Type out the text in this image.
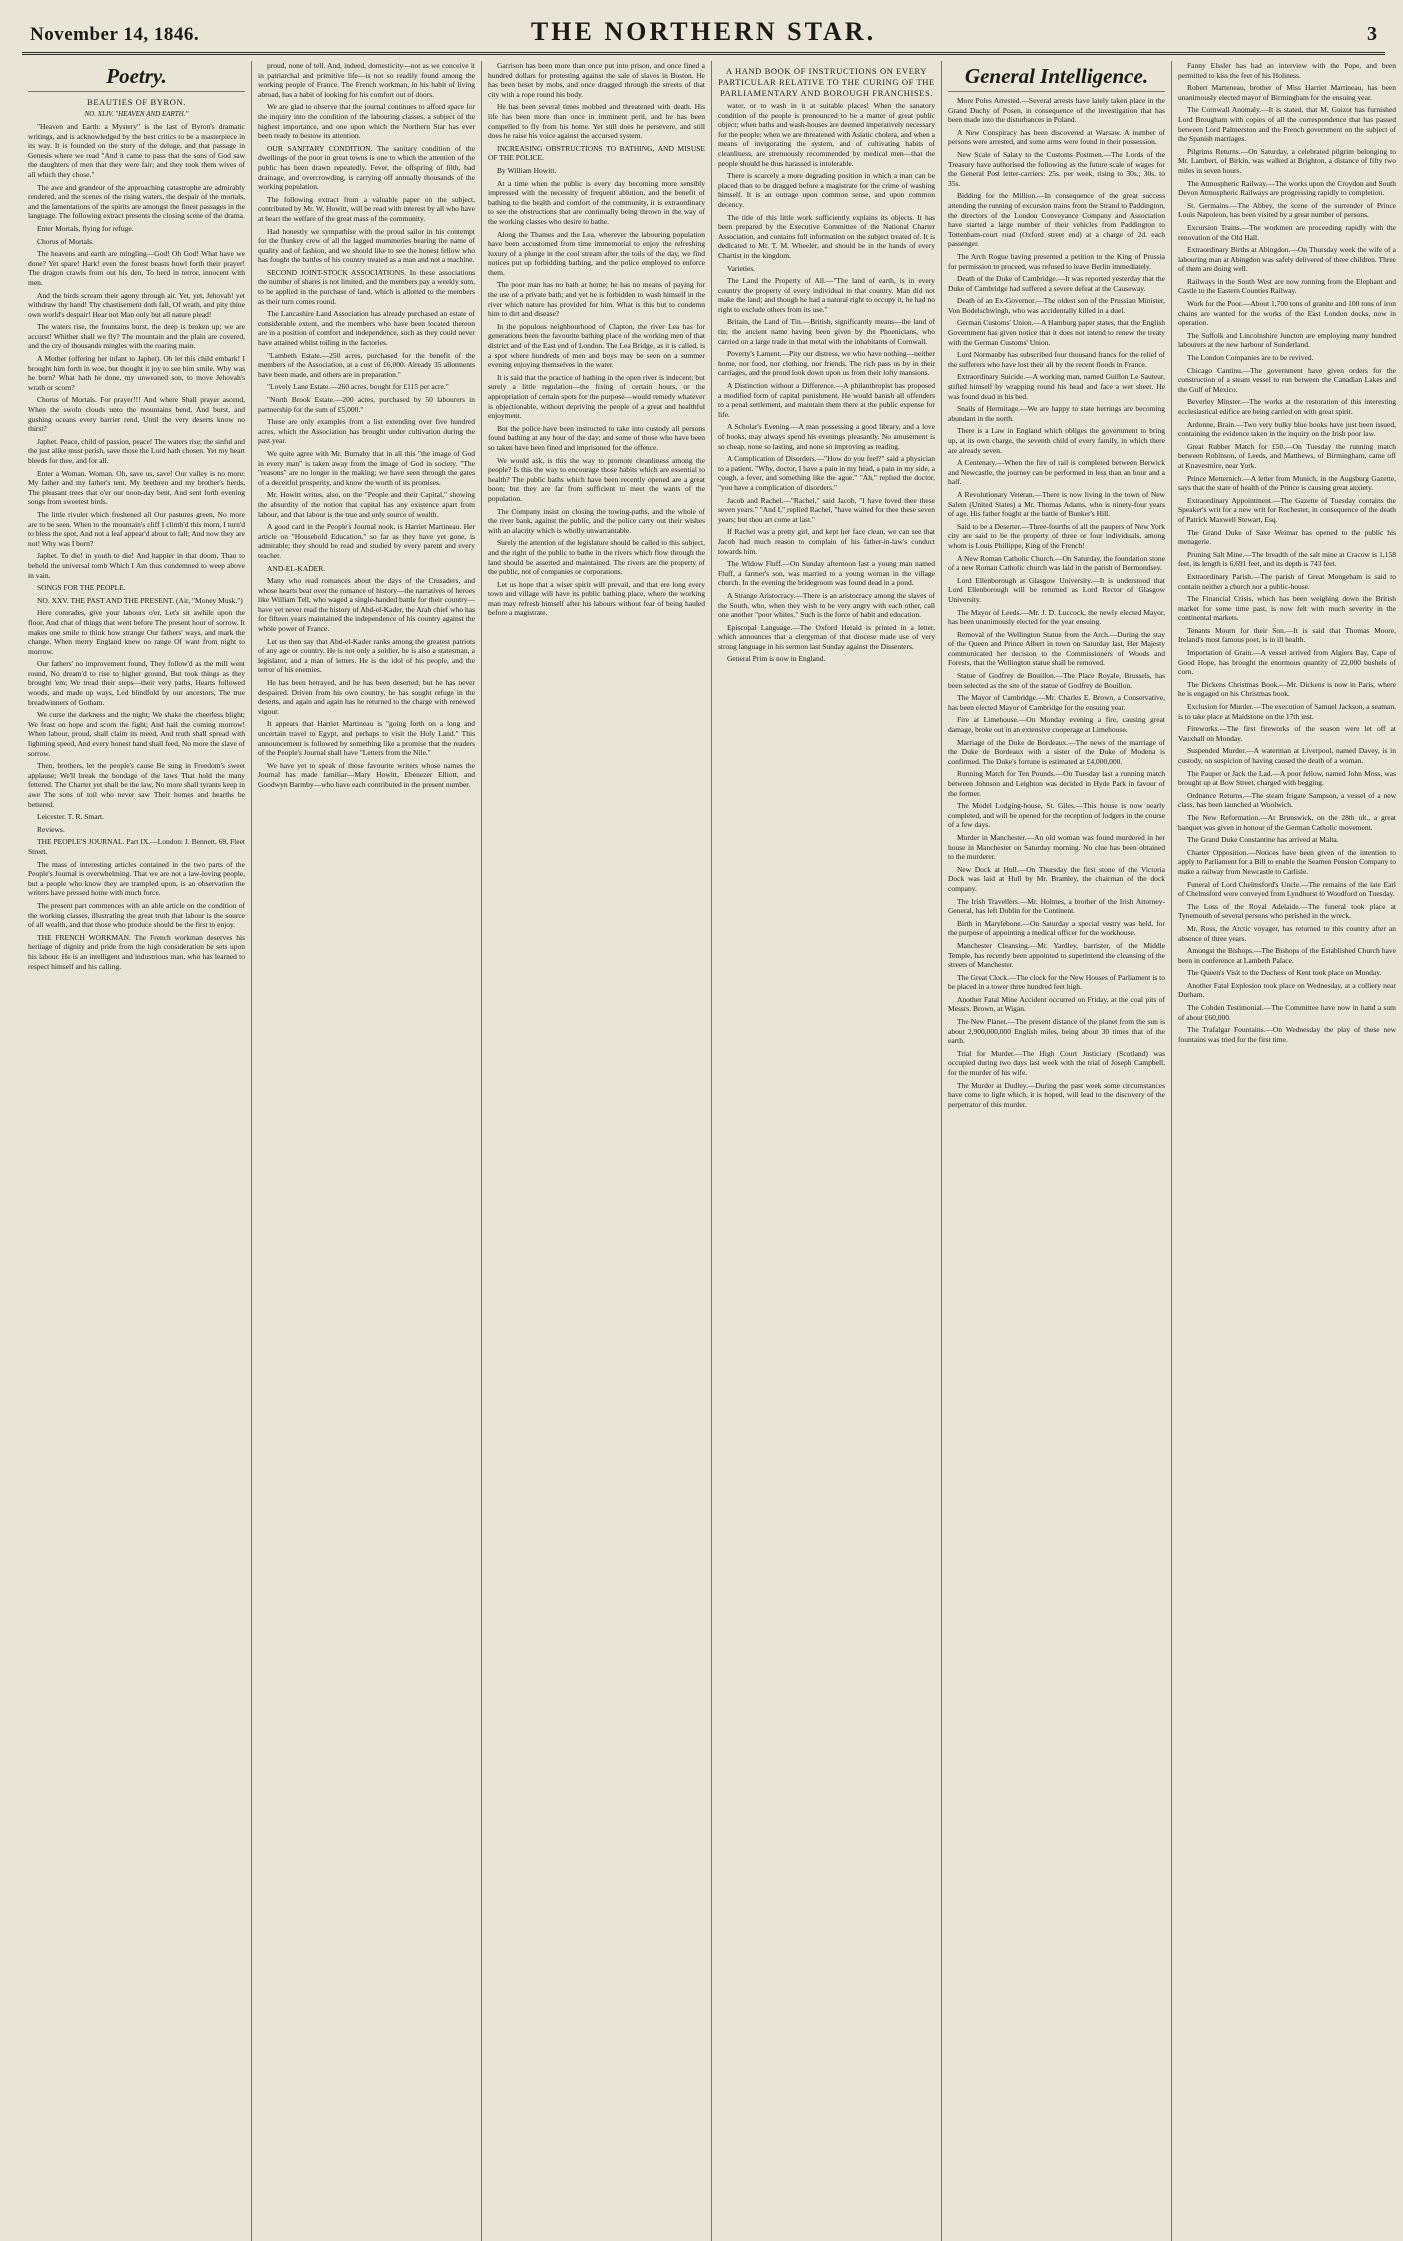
November 14, 1846.	THE NORTHERN STAR.	3
Poetry.
BEAUTIES OF BYRON.
NO. XLIV. "HEAVEN AND EARTH."

"Heaven and Earth: a Mystery" is the last of Byron's dramatic writings, and is acknowledged by the best critics to be a masterpiece in its way. It is founded on the story of the deluge, and that passage in Genesis where we read "And it came to pass that the sons of God saw the daughters of men that they were fair; and they took them wives of all which they chose."

The awe and grandeur of the approaching catastrophe are admirably rendered, and the scenes of the rising waters, the despair of the mortals, and the lamentations of the spirits are amongst the finest passages in the language. The following extract presents the closing scene of the drama.

Enter Mortals, flying for refuge.

Chorus of Mortals.

The heavens and earth are mingling—God! Oh God! What have we done? Yet spare! Hark! even the forest beasts howl forth their prayer! The dragon crawls from out his den, To herd in terror, innocent with men.

And the birds scream their agony through air. Yet, yet, Jehovah! yet withdraw thy hand! Thy chastisement doth fall, Of wrath, and pity thine own world's despair! Hear not Man only but all nature plead!

The waters rise, the fountains burst, the deep is broken up; we are accurst! Whither shall we fly? The mountain and the plain are covered, and the cry of thousands mingles with the roaring main.

A Mother (offering her infant to Japhet). Oh let this child embark! I brought him forth in woe, but thought it joy to see him smile. Why was he born? What hath he done, my unweaned son, to move Jehovah's wrath or scorn?

Chorus of Mortals. For prayer!!! And where Shall prayer ascend, When the swoln clouds unto the mountains bend, And burst, and gushing oceans every barrier rend, Until the very deserts know no thirst?

Japhet. Peace, child of passion, peace! The waters rise; the sinful and the just alike must perish, save those the Lord hath chosen. Yet my heart bleeds for thee, and for all.

Enter a Woman. Woman. Oh, save us, save! Our valley is no more: My father and my father's tent, My brethren and my brother's herds, The pleasant trees that o'er our noon-day bent, And sent forth evening songs from sweetest birds.

The little rivulet which freshened all Our pastures green, No more are to be seen. When to the mountain's cliff I climb'd this morn, I turn'd to bless the spot, And not a leaf appear'd about to fall; And now they are not! Why was I born?

Japhet. To die! in youth to die! And happier in that doom, Than to behold the universal tomb Which I Am thus condemned to weep above in vain.

SONGS FOR THE PEOPLE.

NO. XXV. THE PAST AND THE PRESENT. (Air, "Money Musk.")

Here comrades, give your labours o'er, Let's sit awhile upon the floor, And chat of things that went before The present hour of sorrow. It makes one smile to think how strange Our fathers' ways, and mark the change, When merry England knew no range Of want from night to morrow.

Our fathers' no improvement found, They follow'd as the mill went round, No dream'd to rise to higher ground, But took things as they brought 'em; We tread their steps—their very paths, Hearts followed woods, and made up ways, Led blindfold by our ancestors, The true breadwinners of Gotham.

We curse the darkness and the night; We shake the cheerless blight; We feast on hope and scorn the fight; And hail the coming morrow! When labour, proud, shall claim its meed, And truth shall spread with lightning speed, And every honest hand shall feed, No more the slave of sorrow.

Then, brothers, let the people's cause Be sung in Freedom's sweet applause; We'll break the bondage of the laws That hold the many fettered. The Charter yet shall be the law, No more shall tyrants keep in awe The sons of toil who never saw Their homes and hearths be bettered.

Leicester. T. R. Smart.

Reviews.

THE PEOPLE'S JOURNAL. Part IX.—London: J. Bennett, 69, Fleet Street.

The mass of interesting articles contained in the two parts of the People's Journal is overwhelming. That we are not a law-loving people, but a people who know they are trampled upon, is an observation the writers have pressed home with much force.

The present part commences with an able article on the condition of the working classes, illustrating the great truth that labour is the source of all wealth, and that those who produce should be the first to enjoy.

THE FRENCH WORKMAN. The French workman deserves his heritage of dignity and pride from the high consideration he sets upon his labour. He is an intelligent and industrious man, who has learned to respect himself and his calling.

proud, none of tell. And, indeed, domesticity—not as we conceive it in patriarchal and primitive life—is not so readily found among the working people of France. The French workman, in his habit of living abroad, has a habit of looking for his comfort out of doors.

We are glad to observe that the journal continues to afford space for the inquiry into the condition of the labouring classes, a subject of the highest importance, and one upon which the Northern Star has ever been ready to bestow its attention.

OUR SANITARY CONDITION. The sanitary condition of the dwellings of the poor in great towns is one to which the attention of the public has been drawn repeatedly. Fever, the offspring of filth, bad drainage, and overcrowding, is carrying off annually thousands of the working population.

The following extract from a valuable paper on the subject, contributed by Mr. W. Howitt, will be read with interest by all who have at heart the welfare of the great mass of the community.

Had honestly we sympathise with the proud sailor in his contempt for the flunkey crew of all the lagged mummeries bearing the name of quality and of fashion, and we should like to see the honest fellow who has fought the battles of his country treated as a man and not a machine.

SECOND JOINT-STOCK ASSOCIATIONS. In these associations the number of shares is not limited, and the members pay a weekly sum, to be applied in the purchase of land, which is allotted to the members as their turn comes round.

The Lancashire Land Association has already purchased an estate of considerable extent, and the members who have been located thereon are in a position of comfort and independence, such as they could never have attained whilst toiling in the factories.

"Lambeth Estate.—250 acres, purchased for the benefit of the members of the Association, at a cost of £6,000. Already 35 allotments have been made, and others are in preparation."

"Lovely Lane Estate.—260 acres, bought for £115 per acre."

"North Brook Estate.—200 acres, purchased by 50 labourers in partnership for the sum of £5,000."

These are only examples from a list extending over five hundred acres, which the Association has brought under cultivation during the past year.

We quite agree with Mr. Burnaby that in all this "the image of God in every man" is taken away from the image of God in society. "The "reasons" are no longer in the making; we have seen through the gates of a deceitful prosperity, and know the worth of its promises.

Mr. Howitt writes, also, on the "People and their Capital," showing the absurdity of the notion that capital has any existence apart from labour, and that labour is the true and only source of wealth.

A good card in the People's Journal nook, is Harriet Martineau. Her article on "Household Education," so far as they have yet gone, is admirable; they should be read and studied by every parent and every teacher.

AND-EL-KADER.

Many who read romances about the days of the Crusaders, and whose hearts beat over the romance of history—the narratives of heroes like William Tell, who waged a single-handed battle for their country—have yet never read the history of Abd-el-Kader, the Arab chief who has for fifteen years maintained the independence of his country against the whole power of France.

Let us then say that Abd-el-Kader ranks among the greatest patriots of any age or country. He is not only a soldier, he is also a statesman, a legislator, and a man of letters. He is the idol of his people, and the terror of his enemies.

He has been betrayed, and he has been deserted; but he has never despaired. Driven from his own country, he has sought refuge in the deserts, and again and again has he returned to the charge with renewed vigour.

It appears that Harriet Martineau is "going forth on a long and uncertain travel to Egypt, and perhaps to visit the Holy Land." This announcement is followed by something like a promise that the readers of the People's Journal shall have "Letters from the Nile."

We have yet to speak of those favourite writers whose names the Journal has made familiar—Mary Howitt, Ebenezer Elliott, and Goodwyn Barmby—who have each contributed in the present number.

Garrison has been more than once put into prison, and once fined a hundred dollars for protesting against the sale of slaves in Boston. He has been beset by mobs, and once dragged through the streets of that city with a rope round his body.

He has been several times mobbed and threatened with death. His life has been more than once in imminent peril, and he has been compelled to fly from his home. Yet still does he persevere, and still does he raise his voice against the accursed system.

INCREASING OBSTRUCTIONS TO BATHING, AND MISUSE OF THE POLICE.

By William Howitt.

At a time when the public is every day becoming more sensibly impressed with the necessity of frequent ablution, and the benefit of bathing to the health and comfort of the community, it is extraordinary to see the obstructions that are continually being thrown in the way of the working classes who desire to bathe.

Along the Thames and the Lea, wherever the labouring population have been accustomed from time immemorial to enjoy the refreshing luxury of a plunge in the cool stream after the toils of the day, we find notices put up forbidding bathing, and the police employed to enforce them.

The poor man has no bath at home; he has no means of paying for the use of a private bath; and yet he is forbidden to wash himself in the river which nature has provided for him. What is this but to condemn him to dirt and disease?

In the populous neighbourhood of Clapton, the river Lea has for generations been the favourite bathing place of the working men of that district and of the East end of London. The Lea Bridge, as it is called, is a spot where hundreds of men and boys may be seen on a summer evening enjoying themselves in the water.

It is said that the practice of bathing in the open river is indecent; but surely a little regulation—the fixing of certain hours, or the appropriation of certain spots for the purpose—would remedy whatever is objectionable, without depriving the people of a great and healthful enjoyment.

But the police have been instructed to take into custody all persons found bathing at any hour of the day; and some of those who have been so taken have been fined and imprisoned for the offence.

We would ask, is this the way to promote cleanliness among the people? Is this the way to encourage those habits which are essential to health? The public baths which have been recently opened are a great boon; but they are far from sufficient to meet the wants of the population.

The Company insist on closing the towing-paths, and the whole of the river bank, against the public, and the police carry out their wishes with an alacrity which is wholly unwarrantable.

Surely the attention of the legislature should be called to this subject, and the right of the public to bathe in the rivers which flow through the land should be asserted and maintained. The rivers are the property of the public, not of companies or corporations.

Let us hope that a wiser spirit will prevail, and that ere long every town and village will have its public bathing place, where the working man may refresh himself after his labours without fear of being hauled before a magistrate.

A HAND BOOK OF INSTRUCTIONS ON EVERY PARTICULAR RELATIVE TO THE CURING OF THE PARLIAMENTARY AND BOROUGH FRANCHISES.

water, or to wash in it at suitable places! When the sanatory condition of the people is pronounced to be a matter of great public object; when baths and wash-houses are deemed imperatively necessary for the people; when we are threatened with Asiatic cholera, and when a means of invigorating the system, and of cultivating habits of cleanliness, are strenuously recommended by medical men—that the people should be thus harassed is intolerable.

There is scarcely a more degrading position in which a man can be placed than to be dragged before a magistrate for the crime of washing himself. It is an outrage upon common sense, and upon common decency.

The title of this little work sufficiently explains its objects. It has been prepared by the Executive Committee of the National Charter Association, and contains full information on the subject treated of. It is dedicated to Mr. T. M. Wheeler, and should be in the hands of every Chartist in the kingdom.

Varieties.

The Land the Property of All.—"The land of earth, is in every country the property of every individual in that country. Man did not make the land; and though he had a natural right to occupy it, he had no right to exclude others from its use."

Britain, the Land of Tin.—British, significantly means—the land of tin; the ancient name having been given by the Phoenicians, who carried on a large trade in that metal with the inhabitants of Cornwall.

Poverty's Lament.—Pity our distress, we who have nothing—neither home, nor food, nor clothing, nor friends. The rich pass us by in their carriages, and the proud look down upon us from their lofty mansions.

A Distinction without a Difference.—A philanthropist has proposed a modified form of capital punishment. He would banish all offenders to a penal settlement, and maintain them there at the public expense for life.

A Scholar's Evening.—A man possessing a good library, and a love of books, may always spend his evenings pleasantly. No amusement is so cheap, none so lasting, and none so improving as reading.

A Complication of Disorders.—"How do you feel?" said a physician to a patient. "Why, doctor, I have a pain in my head, a pain in my side, a cough, a fever, and something like the ague." "Ah," replied the doctor, "you have a complication of disorders."

Jacob and Rachel.—"Rachel," said Jacob, "I have loved thee these seven years." "And I," replied Rachel, "have waited for thee these seven years; but thou art come at last."

If Rachel was a pretty girl, and kept her face clean, we can see that Jacob had much reason to complain of his father-in-law's conduct towards him.

The Widow Fluff.—On Sunday afternoon last a young man named Fluff, a farmer's son, was married to a young woman in the village church. In the evening the bridegroom was found dead in a pond.

A Strange Aristocracy.—There is an aristocracy among the slaves of the South, who, when they wish to be very angry with each other, call one another "poor whites." Such is the force of habit and education.

Episcopal Language.—The Oxford Herald is printed in a letter, which announces that a clergyman of that diocese made use of very strong language in his sermon last Sunday against the Dissenters.

General Prim is now in England.

General Intelligence.

More Poles Arrested.—Several arrests have lately taken place in the Grand Duchy of Posen, in consequence of the investigation that has been made into the disturbances in Poland.

A New Conspiracy has been discovered at Warsaw. A number of persons were arrested, and some arms were found in their possession.

New Scale of Salary to the Customs Postmen.—The Lords of the Treasury have authorised the following as the future scale of wages for the General Post letter-carriers: 25s. per week, rising to 30s.; 30s. to 35s.

Bidding for the Million.—In consequence of the great success attending the running of excursion trains from the Strand to Paddington, the directors of the London Conveyance Company and Association have started a large number of their vehicles from Paddington to Tottenham-court road (Oxford street end) at a charge of 2d. each passenger.

The Arch Rogue having presented a petition to the King of Prussia for permission to proceed, was refused to leave Berlin immediately.

Death of the Duke of Cambridge.—It was reported yesterday that the Duke of Cambridge had suffered a severe defeat at the Causeway.

Death of an Ex-Governor.—The oldest son of the Prussian Minister, Von Bodelschwingh, who was accidentally killed in a duel.

German Customs' Union.—A Hamburg paper states, that the English Government has given notice that it does not intend to renew the treaty with the German Customs' Union.

Lord Normanby has subscribed four thousand francs for the relief of the sufferers who have lost their all by the recent floods in France.

Extraordinary Suicide.—A working man, named Guillon Le Sauteur, stifled himself by wrapping round his head and face a wet sheet. He was found dead in his bed.

Snails of Hermitage.—We are happy to state herrings are becoming abundant in the north.

There is a Law in England which obliges the government to bring up, at its own charge, the seventh child of every family, in which there are already seven.

A Centenary.—When the fire of rail is completed between Berwick and Newcastle, the journey can be performed in less than an hour and a half.

A Revolutionary Veteran.—There is now living in the town of New Salem (United States) a Mr. Thomas Adams, who is ninety-four years of age. His father fought at the battle of Bunker's Hill.

Said to be a Deserter.—Three-fourths of all the paupers of New York city are said to be the property of three or four individuals, among whom is Louis Phillippe, King of the French!

A New Roman Catholic Church.—On Saturday, the foundation stone of a new Roman Catholic church was laid in the parish of Bermondsey.

Lord Ellenborough at Glasgow University.—It is understood that Lord Ellenborough will be returned as Lord Rector of Glasgow University.

The Mayor of Leeds.—Mr. J. D. Luccock, the newly elected Mayor, has been unanimously elected for the year ensuing.

Removal of the Wellington Statue from the Arch.—During the stay of the Queen and Prince Albert in town on Saturday last, Her Majesty communicated her decision to the Commissioners of Woods and Forests, that the Wellington statue shall be removed.

Statue of Godfrey de Bouillon.—The Place Royale, Brussels, has been selected as the site of the statue of Godfrey de Bouillon.

The Mayor of Cambridge.—Mr. Charles E. Brown, a Conservative, has been elected Mayor of Cambridge for the ensuing year.

Fire at Limehouse.—On Monday evening a fire, causing great damage, broke out in an extensive cooperage at Limehouse.

Marriage of the Duke de Bordeaux.—The news of the marriage of the Duke de Bordeaux with a sister of the Duke of Modena is confirmed. The Duke's fortune is estimated at £4,000,000.

Running Match for Ten Pounds.—On Tuesday last a running match between Johnson and Leighton was decided in Hyde Park in favour of the former.

The Model Lodging-house, St. Giles.—This house is now nearly completed, and will be opened for the reception of lodgers in the course of a few days.

Murder in Manchester.—An old woman was found murdered in her house in Manchester on Saturday morning. No clue has been obtained to the murderer.

New Dock at Hull.—On Thursday the first stone of the Victoria Dock was laid at Hull by Mr. Bramley, the chairman of the dock company.

The Irish Travellers.—Mr. Holmes, a brother of the Irish Attorney-General, has left Dublin for the Continent.

Birth in Marylebone.—On Saturday a special vestry was held, for the purpose of appointing a medical officer for the workhouse.

Manchester Cleansing.—Mr. Yardley, barrister, of the Middle Temple, has recently been appointed to superintend the cleansing of the streets of Manchester.

The Great Clock.—The clock for the New Houses of Parliament is to be placed in a tower three hundred feet high.

Another Fatal Mine Accident occurred on Friday, at the coal pits of Messrs. Brown, at Wigan.

The New Planet.—The present distance of the planet from the sun is about 2,900,000,000 English miles, being about 30 times that of the earth.

Trial for Murder.—The High Court Justiciary (Scotland) was occupied during two days last week with the trial of Joseph Campbell, for the murder of his wife.

The Murder at Dudley.—During the past week some circumstances have come to light which, it is hoped, will lead to the discovery of the perpetrator of this murder.

Fanny Elssler has had an interview with the Pope, and been permitted to kiss the feet of his Holiness.

Robert Marteneau, brother of Miss Harriet Martineau, has been unanimously elected mayor of Birmingham for the ensuing year.

The Cornwall Anomaly.—It is stated, that M. Guizot has furnished Lord Brougham with copies of all the correspondence that has passed between Lord Palmerston and the French government on the subject of the Spanish marriages.

Pilgrims Returns.—On Saturday, a celebrated pilgrim belonging to Mr. Lambert, of Birkin, was walked at Brighton, a distance of fifty two miles in seven hours.

The Atmospheric Railway.—The works upon the Croydon and South Devon Atmospheric Railways are progressing rapidly to completion.

St. Germains.—The Abbey, the scene of the surrender of Prince Louis Napoleon, has been visited by a great number of persons.

Excursion Trains.—The workmen are proceeding rapidly with the renovation of the Old Hall.

Extraordinary Births at Abingdon.—On Thursday week the wife of a labouring man at Abingdon was safely delivered of three children. Three of them are doing well.

Railways in the South West are now running from the Elephant and Castle to the Eastern Counties Railway.

Work for the Poor.—About 1,700 tons of granite and 100 tons of iron chains are wanted for the works of the East London docks, now in operation.

The Suffolk and Lincolnshire Juncton are employing many hundred labourers at the new harbour of Sunderland.

The London Companies are to be revived.

Chicago Cantinu.—The government have given orders for the construction of a steam vessel to run between the Canadian Lakes and the Gulf of Mexico.

Beverley Minster.—The works at the restoration of this interesting ecclesiastical edifice are being carried on with great spirit.

Ardonne, Brain.—Two very bulky blue books have just been issued, containing the evidence taken in the inquiry on the Irish poor law.

Great Rubber Match for £50.—On Tuesday the running match between Robinson, of Leeds, and Matthews, of Birmingham, came off at Knavesmire, near York.

Prince Metternich.—A letter from Munich, in the Augsburg Gazette, says that the state of health of the Prince is causing great anxiety.

Extraordinary Appointment.—The Gazette of Tuesday contains the Speaker's writ for a new writ for Rochester, in consequence of the death of Patrick Maxwell Stewart, Esq.

The Grand Duke of Saxe Weimar has opened to the public his menagerie.

Pruning Salt Mine.—The breadth of the salt mine at Cracow is 1,158 feet, its length is 6,691 feet, and its depth is 743 feet.

Extraordinary Parish.—The parish of Great Mongeham is said to contain neither a church nor a public-house.

The Financial Crisis, which has been weighing down the British market for some time past, is now felt with much severity in the continental markets.

Tenants Mourn for their Son.—It is said that Thomas Moore, Ireland's most famous poet, is in ill health.

Importation of Grain.—A vessel arrived from Algiers Bay, Cape of Good Hope, has brought the enormous quantity of 22,000 bushels of corn.

The Dickens Christmas Book.—Mr. Dickens is now in Paris, where he is engaged on his Christmas book.

Exclusion for Murder.—The execution of Samuel Jackson, a seaman, is to take place at Maidstone on the 17th inst.

Fireworks.—The first fireworks of the season were let off at Vauxhall on Monday.

Suspended Murder.—A waterman at Liverpool, named Davey, is in custody, on suspicion of having caused the death of a woman.

The Pauper or Jack the Lad.—A poor fellow, named John Moss, was brought up at Bow Street, charged with begging.

Ordnance Returns.—The steam frigate Sampson, a vessel of a new class, has been launched at Woolwich.

The New Reformation.—At Brunswick, on the 28th ult., a great banquet was given in honour of the German Catholic movement.

The Grand Duke Constantine has arrived at Malta.

Charter Opposition.—Notices have been given of the intention to apply to Parliament for a Bill to enable the Seamen Pension Company to make a railway from Newcastle to Carlisle.

Funeral of Lord Chelmsford's Uncle.—The remains of the late Earl of Chelmsford were conveyed from Lyndhurst to Woodford on Tuesday.

The Loss of the Royal Adelaide.—The funeral took place at Tynemouth of several persons who perished in the wreck.

Mr. Ross, the Arctic voyager, has returned to this country after an absence of three years.

Amongst the Bishops.—The Bishops of the Established Church have been in conference at Lambeth Palace.

The Queen's Visit to the Duchess of Kent took place on Monday.

Another Fatal Explosion took place on Wednesday, at a colliery near Durham.

The Cobden Testimonial.—The Committee have now in hand a sum of about £60,000.

The Trafalgar Fountains.—On Wednesday the play of these new fountains was tried for the first time.
